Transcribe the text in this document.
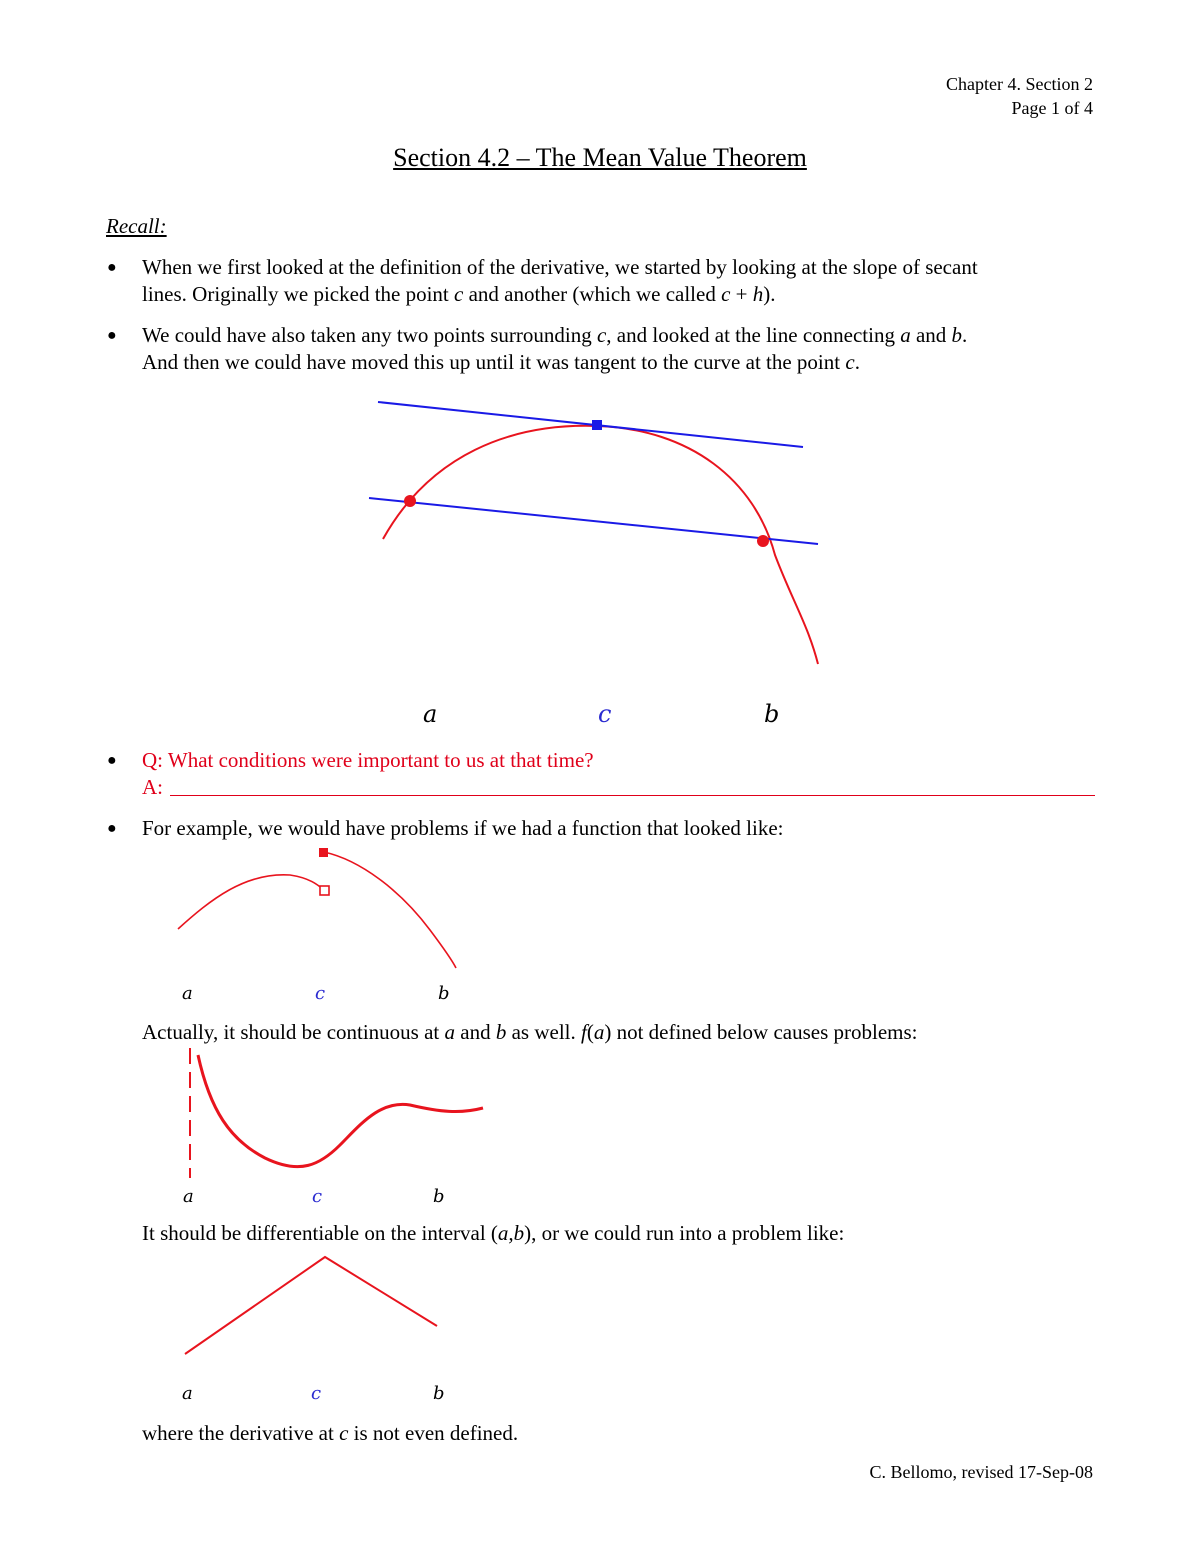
Chapter 4. Section 2
Page 1 of 4
Section 4.2 – The Mean Value Theorem
Recall:
● When we first looked at the definition of the derivative, we started by looking at the slope of secant
lines. Originally we picked the point c and another (which we called c + h).
● We could have also taken any two points surrounding c, and looked at the line connecting a and b.
And then we could have moved this up until it was tangent to the curve at the point c.
a	c	b
● Q: What conditions were important to us at that time?
A:
● For example, we would have problems if we had a function that looked like:
a	c	b
Actually, it should be continuous at a and b as well. f(a) not defined below causes problems:
a	c	b
It should be differentiable on the interval (a,b), or we could run into a problem like:
a	c	b
where the derivative at c is not even defined.
C. Bellomo, revised 17-Sep-08
